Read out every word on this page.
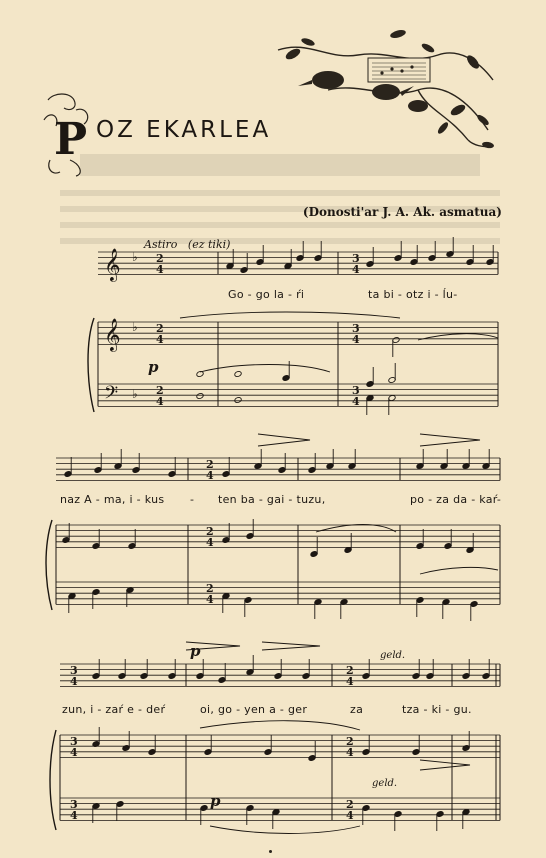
P OZ EKARLEA
(Donosti'ar J. A. Ak. asmatua)
Astiro (ez tiki)
𝄞 ♭ 2
4
𝄞 ♭ 2
4
𝄢 ♭ 2
4
3
4
3
4
3
4
2
4
2
4
2
4
3
4
3
4
3
4
2
4
2
4
2
4
Go - go la - ŕi	ta bi - otz i - ĺu-
naz A - ma, i - kus - ten ba - gai - tuzu,	po - za da - kaŕ-
zun, i - zaŕ e - deŕ	oi, go - yen a - ger	za	tza - ki - gu.
p
p
p
geld.
geld.
